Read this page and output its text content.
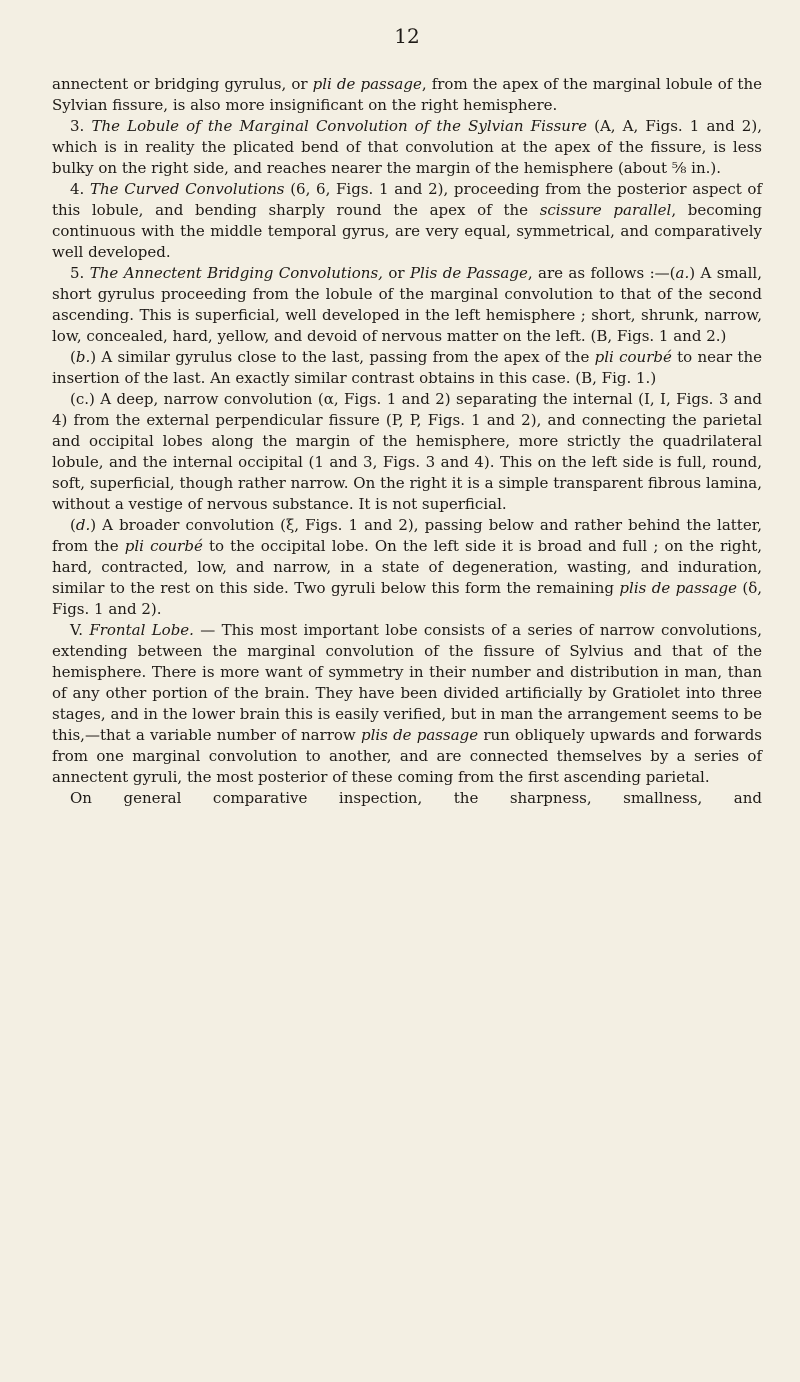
12

annectent or bridging gyrulus, or pli de passage, from the apex of the marginal lobule of the Sylvian fissure, is also more insignificant on the right hemisphere.

3. The Lobule of the Marginal Convolution of the Sylvian Fissure (A, A, Figs. 1 and 2), which is in reality the plicated bend of that convolution at the apex of the fissure, is less bulky on the right side, and reaches nearer the margin of the hemisphere (about ⅝ in.).

4. The Curved Convolutions (6, 6, Figs. 1 and 2), proceeding from the posterior aspect of this lobule, and bending sharply round the apex of the scissure parallel, becoming continuous with the middle temporal gyrus, are very equal, symmetrical, and comparatively well developed.

5. The Annectent Bridging Convolutions, or Plis de Passage, are as follows :—(a.) A small, short gyrulus proceeding from the lobule of the marginal convolution to that of the second ascending. This is superficial, well developed in the left hemisphere ; short, shrunk, narrow, low, concealed, hard, yellow, and devoid of nervous matter on the left. (B, Figs. 1 and 2.)

(b.) A similar gyrulus close to the last, passing from the apex of the pli courbé to near the insertion of the last. An exactly similar contrast obtains in this case. (B, Fig. 1.)

(c.) A deep, narrow convolution (α, Figs. 1 and 2) separating the internal (I, I, Figs. 3 and 4) from the external perpendicular fissure (P, P, Figs. 1 and 2), and connecting the parietal and occipital lobes along the margin of the hemisphere, more strictly the quadrilateral lobule, and the internal occipital (1 and 3, Figs. 3 and 4). This on the left side is full, round, soft, superficial, though rather narrow. On the right it is a simple transparent fibrous lamina, without a vestige of nervous substance. It is not superficial.

(d.) A broader convolution (ξ, Figs. 1 and 2), passing below and rather behind the latter, from the pli courbé to the occipital lobe. On the left side it is broad and full ; on the right, hard, contracted, low, and narrow, in a state of degeneration, wasting, and induration, similar to the rest on this side. Two gyruli below this form the remaining plis de passage (δ, Figs. 1 and 2).

V. Frontal Lobe. — This most important lobe consists of a series of narrow convolutions, extending between the marginal convolution of the fissure of Sylvius and that of the hemisphere. There is more want of symmetry in their number and distribution in man, than of any other portion of the brain. They have been divided artificially by Gratiolet into three stages, and in the lower brain this is easily verified, but in man the arrangement seems to be this,—that a variable number of narrow plis de passage run obliquely upwards and forwards from one marginal convolution to another, and are connected themselves by a series of annectent gyruli, the most posterior of these coming from the first ascending parietal.

On general comparative inspection, the sharpness, smallness, and
